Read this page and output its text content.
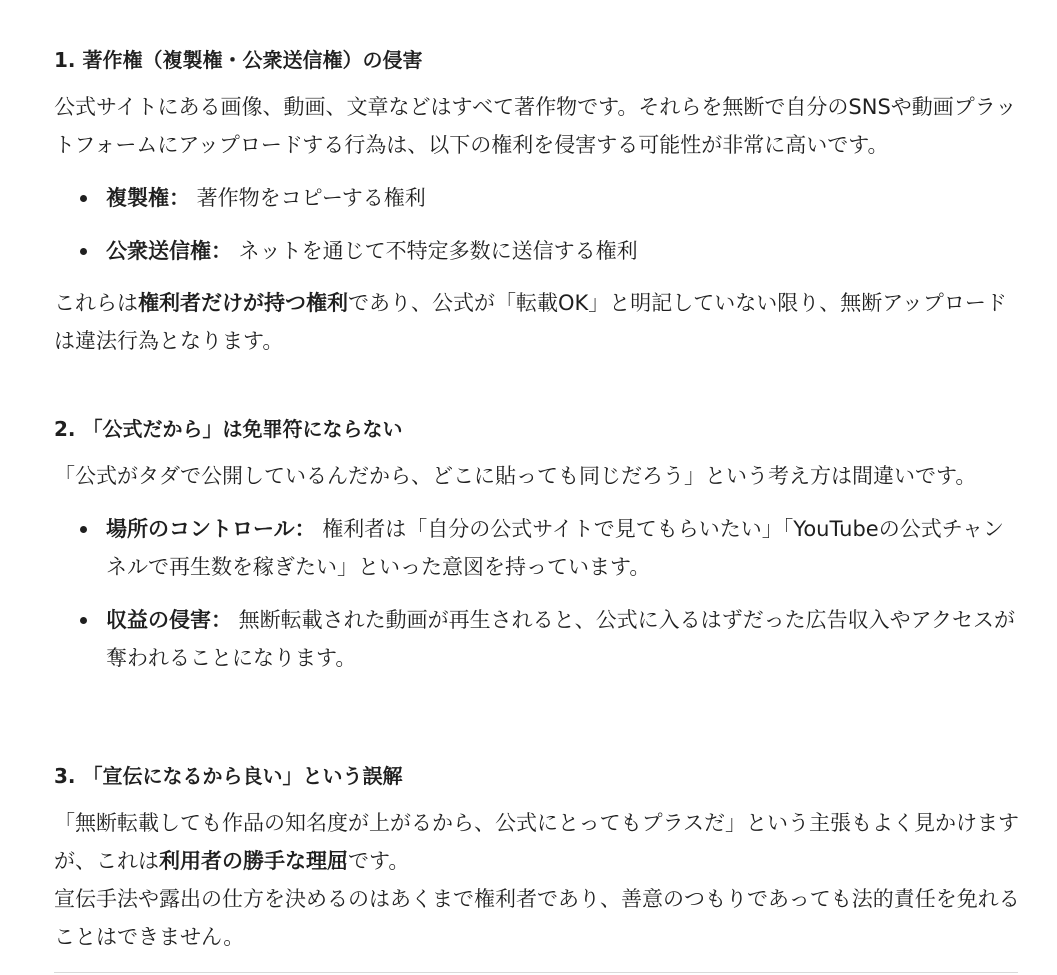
1. 著作権（複製権・公衆送信権）の侵害

公式サイトにある画像、動画、文章などはすべて著作物です。それらを無断で自分のSNSや動画プラットフォームにアップロードする行為は、以下の権利を侵害する可能性が非常に高いです。

複製権： 著作物をコピーする権利
公衆送信権： ネットを通じて不特定多数に送信する権利

これらは権利者だけが持つ権利であり、公式が「転載OK」と明記していない限り、無断アップロードは違法行為となります。

2. 「公式だから」は免罪符にならない

「公式がタダで公開しているんだから、どこに貼っても同じだろう」という考え方は間違いです。

場所のコントロール： 権利者は「自分の公式サイトで見てもらいたい」「YouTubeの公式チャンネルで再生数を稼ぎたい」といった意図を持っています。
収益の侵害： 無断転載された動画が再生されると、公式に入るはずだった広告収入やアクセスが奪われることになります。
3. 「宣伝になるから良い」という誤解

「無断転載しても作品の知名度が上がるから、公式にとってもプラスだ」という主張もよく見かけますが、これは利用者の勝手な理屈です。

宣伝手法や露出の仕方を決めるのはあくまで権利者であり、善意のつもりであっても法的責任を免れることはできません。
